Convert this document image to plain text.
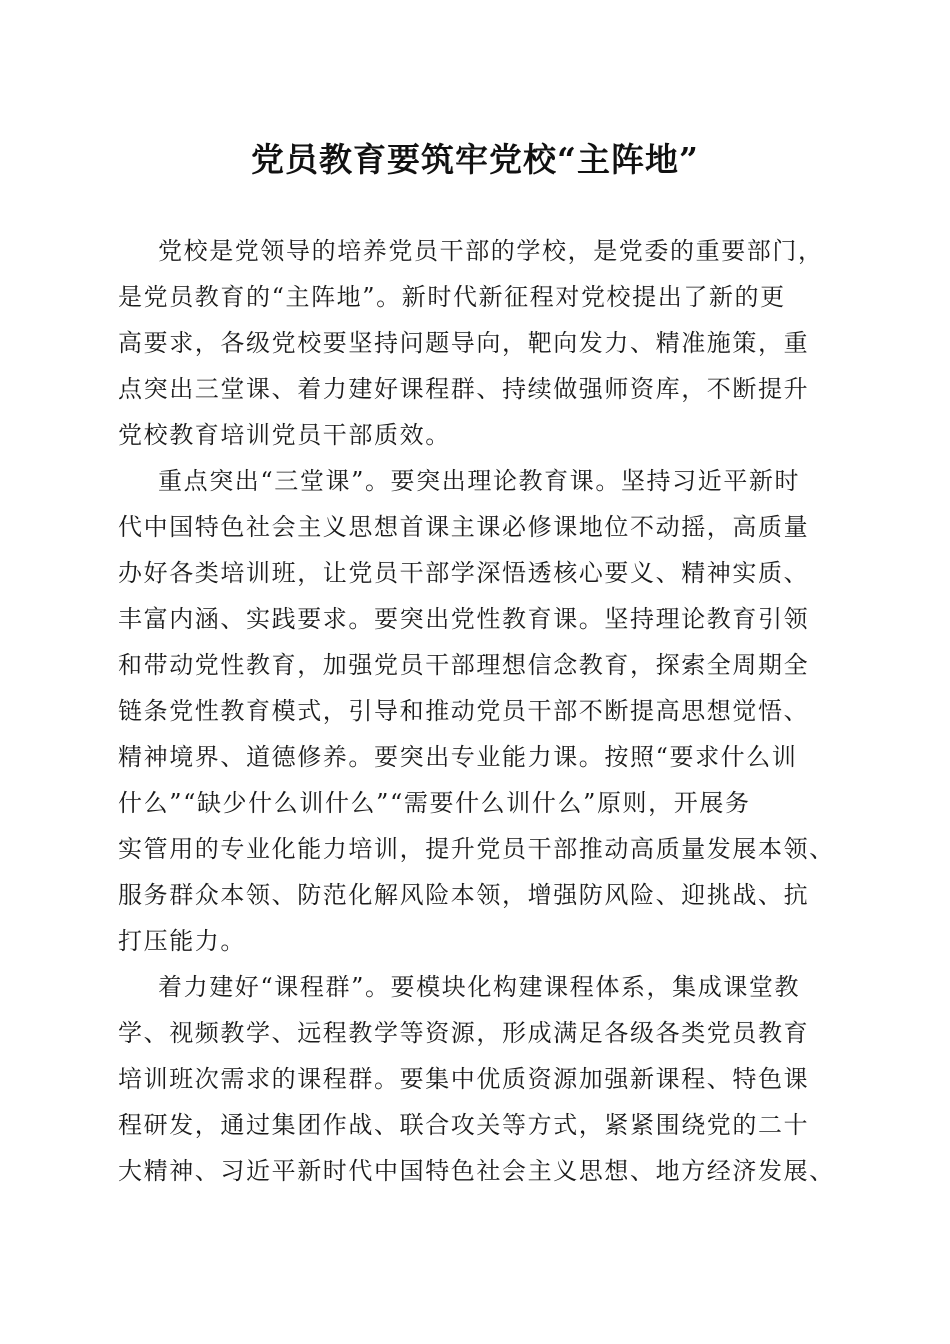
党员教育要筑牢党校“主阵地”
党校是党领导的培养党员干部的学校，是党委的重要部门，
是党员教育的“主阵地”。新时代新征程对党校提出了新的更
高要求，各级党校要坚持问题导向，靶向发力、精准施策，重
点突出三堂课、着力建好课程群、持续做强师资库，不断提升
党校教育培训党员干部质效。
重点突出“三堂课”。要突出理论教育课。坚持习近平新时
代中国特色社会主义思想首课主课必修课地位不动摇，高质量
办好各类培训班，让党员干部学深悟透核心要义、精神实质、
丰富内涵、实践要求。要突出党性教育课。坚持理论教育引领
和带动党性教育，加强党员干部理想信念教育，探索全周期全
链条党性教育模式，引导和推动党员干部不断提高思想觉悟、
精神境界、道德修养。要突出专业能力课。按照“要求什么训
什么”“缺少什么训什么”“需要什么训什么”原则，开展务
实管用的专业化能力培训，提升党员干部推动高质量发展本领、
服务群众本领、防范化解风险本领，增强防风险、迎挑战、抗
打压能力。
着力建好“课程群”。要模块化构建课程体系，集成课堂教
学、视频教学、远程教学等资源，形成满足各级各类党员教育
培训班次需求的课程群。要集中优质资源加强新课程、特色课
程研发，通过集团作战、联合攻关等方式，紧紧围绕党的二十
大精神、习近平新时代中国特色社会主义思想、地方经济发展、
